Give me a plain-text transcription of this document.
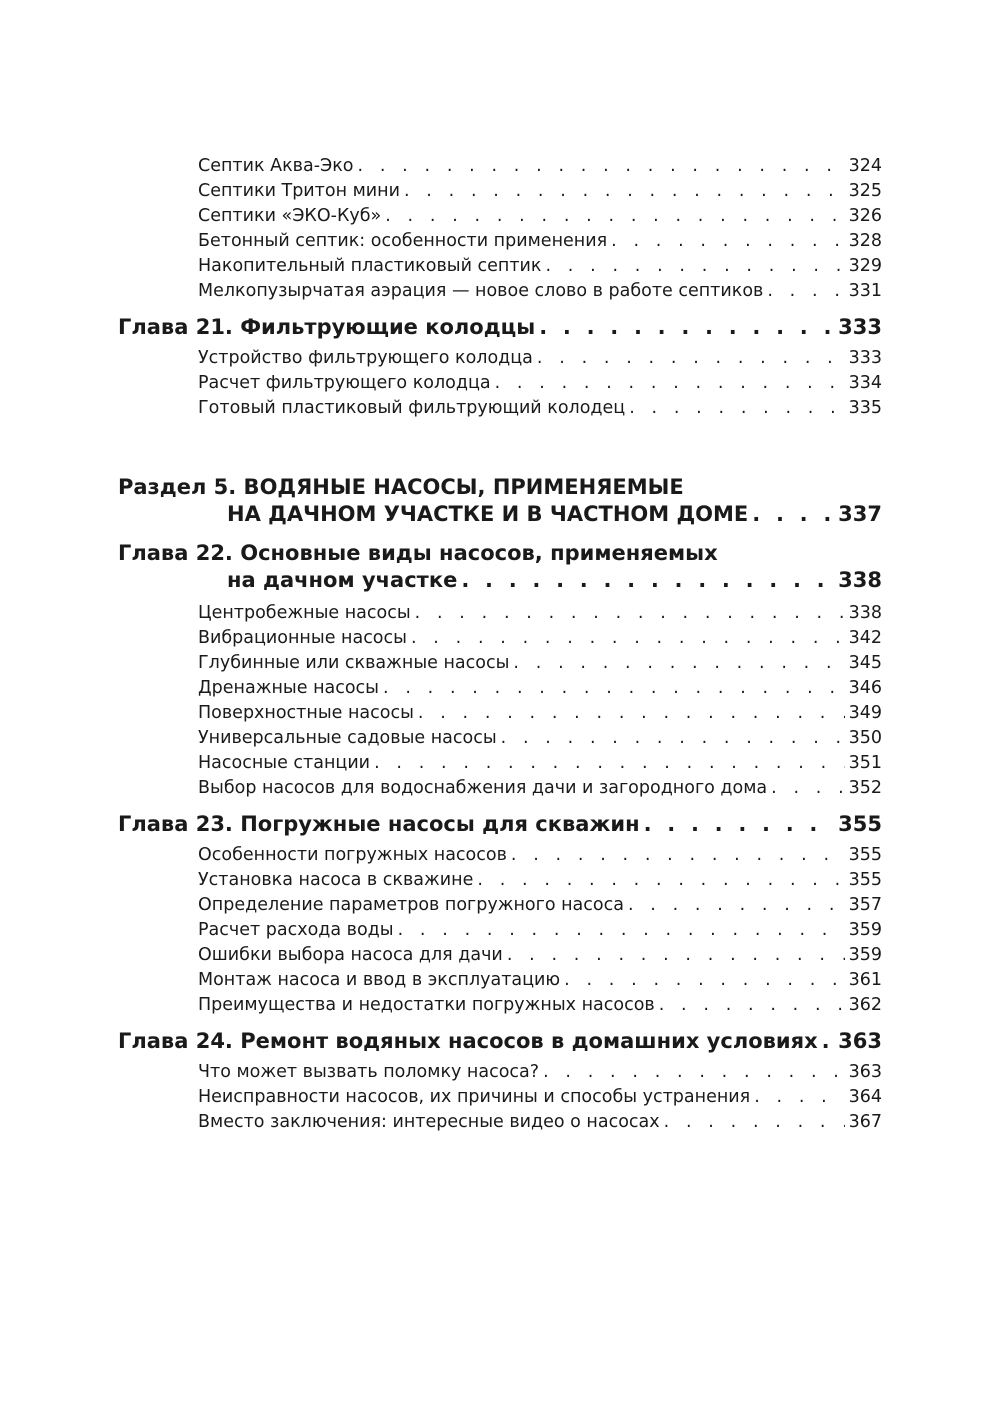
Септик Аква-Эко . . .	324
Септики Тритон мини . . .	325
Септики «ЭКО-Куб» . . .	326
Бетонный септик: особенности применения . . .	328
Накопительный пластиковый септик . . .	329
Мелкопузырчатая аэрация — новое слово в работе септиков . . .	331
Глава 21. Фильтрующие колодцы . . .	333
Устройство фильтрующего колодца . . .	333
Расчет фильтрующего колодца . . .	334
Готовый пластиковый фильтрующий колодец . . .	335
Раздел 5. ВОДЯНЫЕ НАСОСЫ, ПРИМЕНЯЕМЫЕ
НА ДАЧНОМ УЧАСТКЕ И В ЧАСТНОМ ДОМЕ . . .	337
Глава 22. Основные виды насосов, применяемых
на дачном участке . . .	338
Центробежные насосы . . .	338
Вибрационные насосы . . .	342
Глубинные или скважные насосы . . .	345
Дренажные насосы . . .	346
Поверхностные насосы . . .	349
Универсальные садовые насосы . . .	350
Насосные станции . . .	351
Выбор насосов для водоснабжения дачи и загородного дома . . .	352
Глава 23. Погружные насосы для скважин . . .	355
Особенности погружных насосов . . .	355
Установка насоса в скважине . . .	355
Определение параметров погружного насоса . . .	357
Расчет расхода воды . . .	359
Ошибки выбора насоса для дачи . . .	359
Монтаж насоса и ввод в эксплуатацию . . .	361
Преимущества и недостатки погружных насосов . . .	362
Глава 24. Ремонт водяных насосов в домашних условиях . . . 363
Что может вызвать поломку насоса? . . .	363
Неисправности насосов, их причины и способы устранения . . .	364
Вместо заключения: интересные видео о насосах . . .	367
